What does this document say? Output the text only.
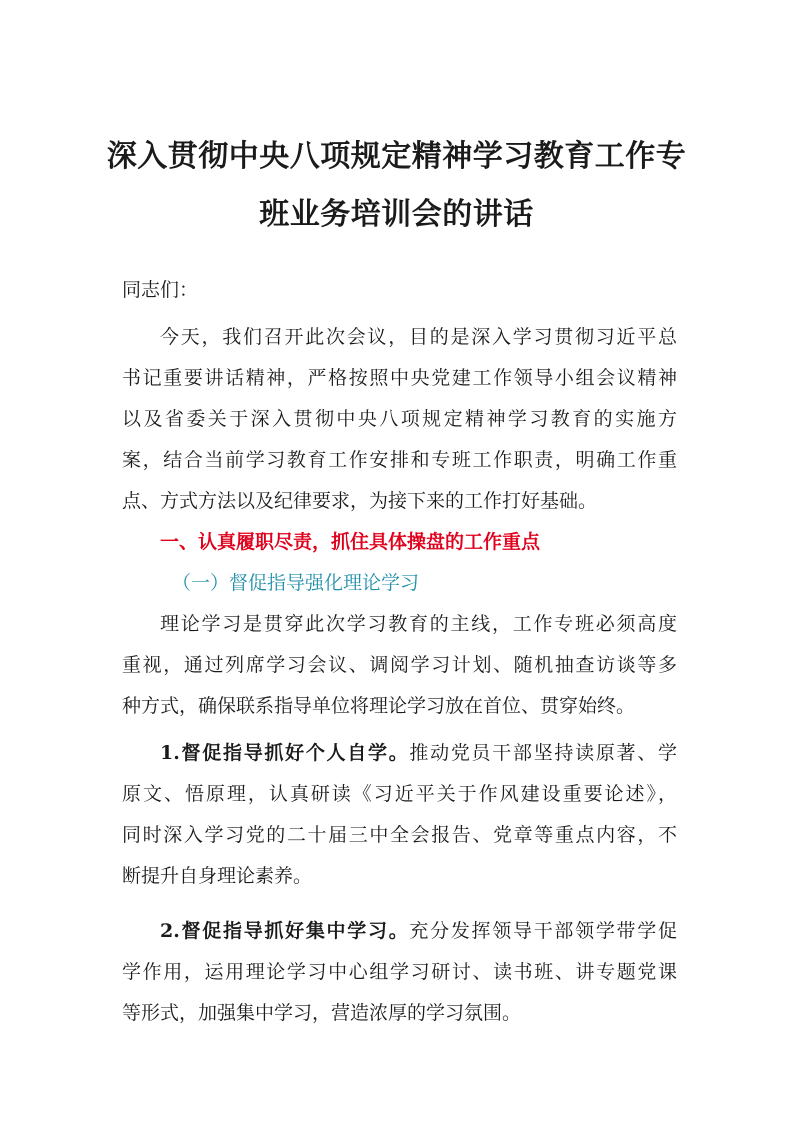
深入贯彻中央八项规定精神学习教育工作专
班业务培训会的讲话
同志们：
今天，我们召开此次会议，目的是深入学习贯彻习近平总
书记重要讲话精神，严格按照中央党建工作领导小组会议精神
以及省委关于深入贯彻中央八项规定精神学习教育的实施方
案，结合当前学习教育工作安排和专班工作职责，明确工作重
点、方式方法以及纪律要求，为接下来的工作打好基础。
一、认真履职尽责，抓住具体操盘的工作重点
（一）督促指导强化理论学习
理论学习是贯穿此次学习教育的主线，工作专班必须高度
重视，通过列席学习会议、调阅学习计划、随机抽查访谈等多
种方式，确保联系指导单位将理论学习放在首位、贯穿始终。
1.督促指导抓好个人自学。推动党员干部坚持读原著、学
原文、悟原理，认真研读《习近平关于作风建设重要论述》，
同时深入学习党的二十届三中全会报告、党章等重点内容，不
断提升自身理论素养。
2.督促指导抓好集中学习。充分发挥领导干部领学带学促
学作用，运用理论学习中心组学习研讨、读书班、讲专题党课
等形式，加强集中学习，营造浓厚的学习氛围。
